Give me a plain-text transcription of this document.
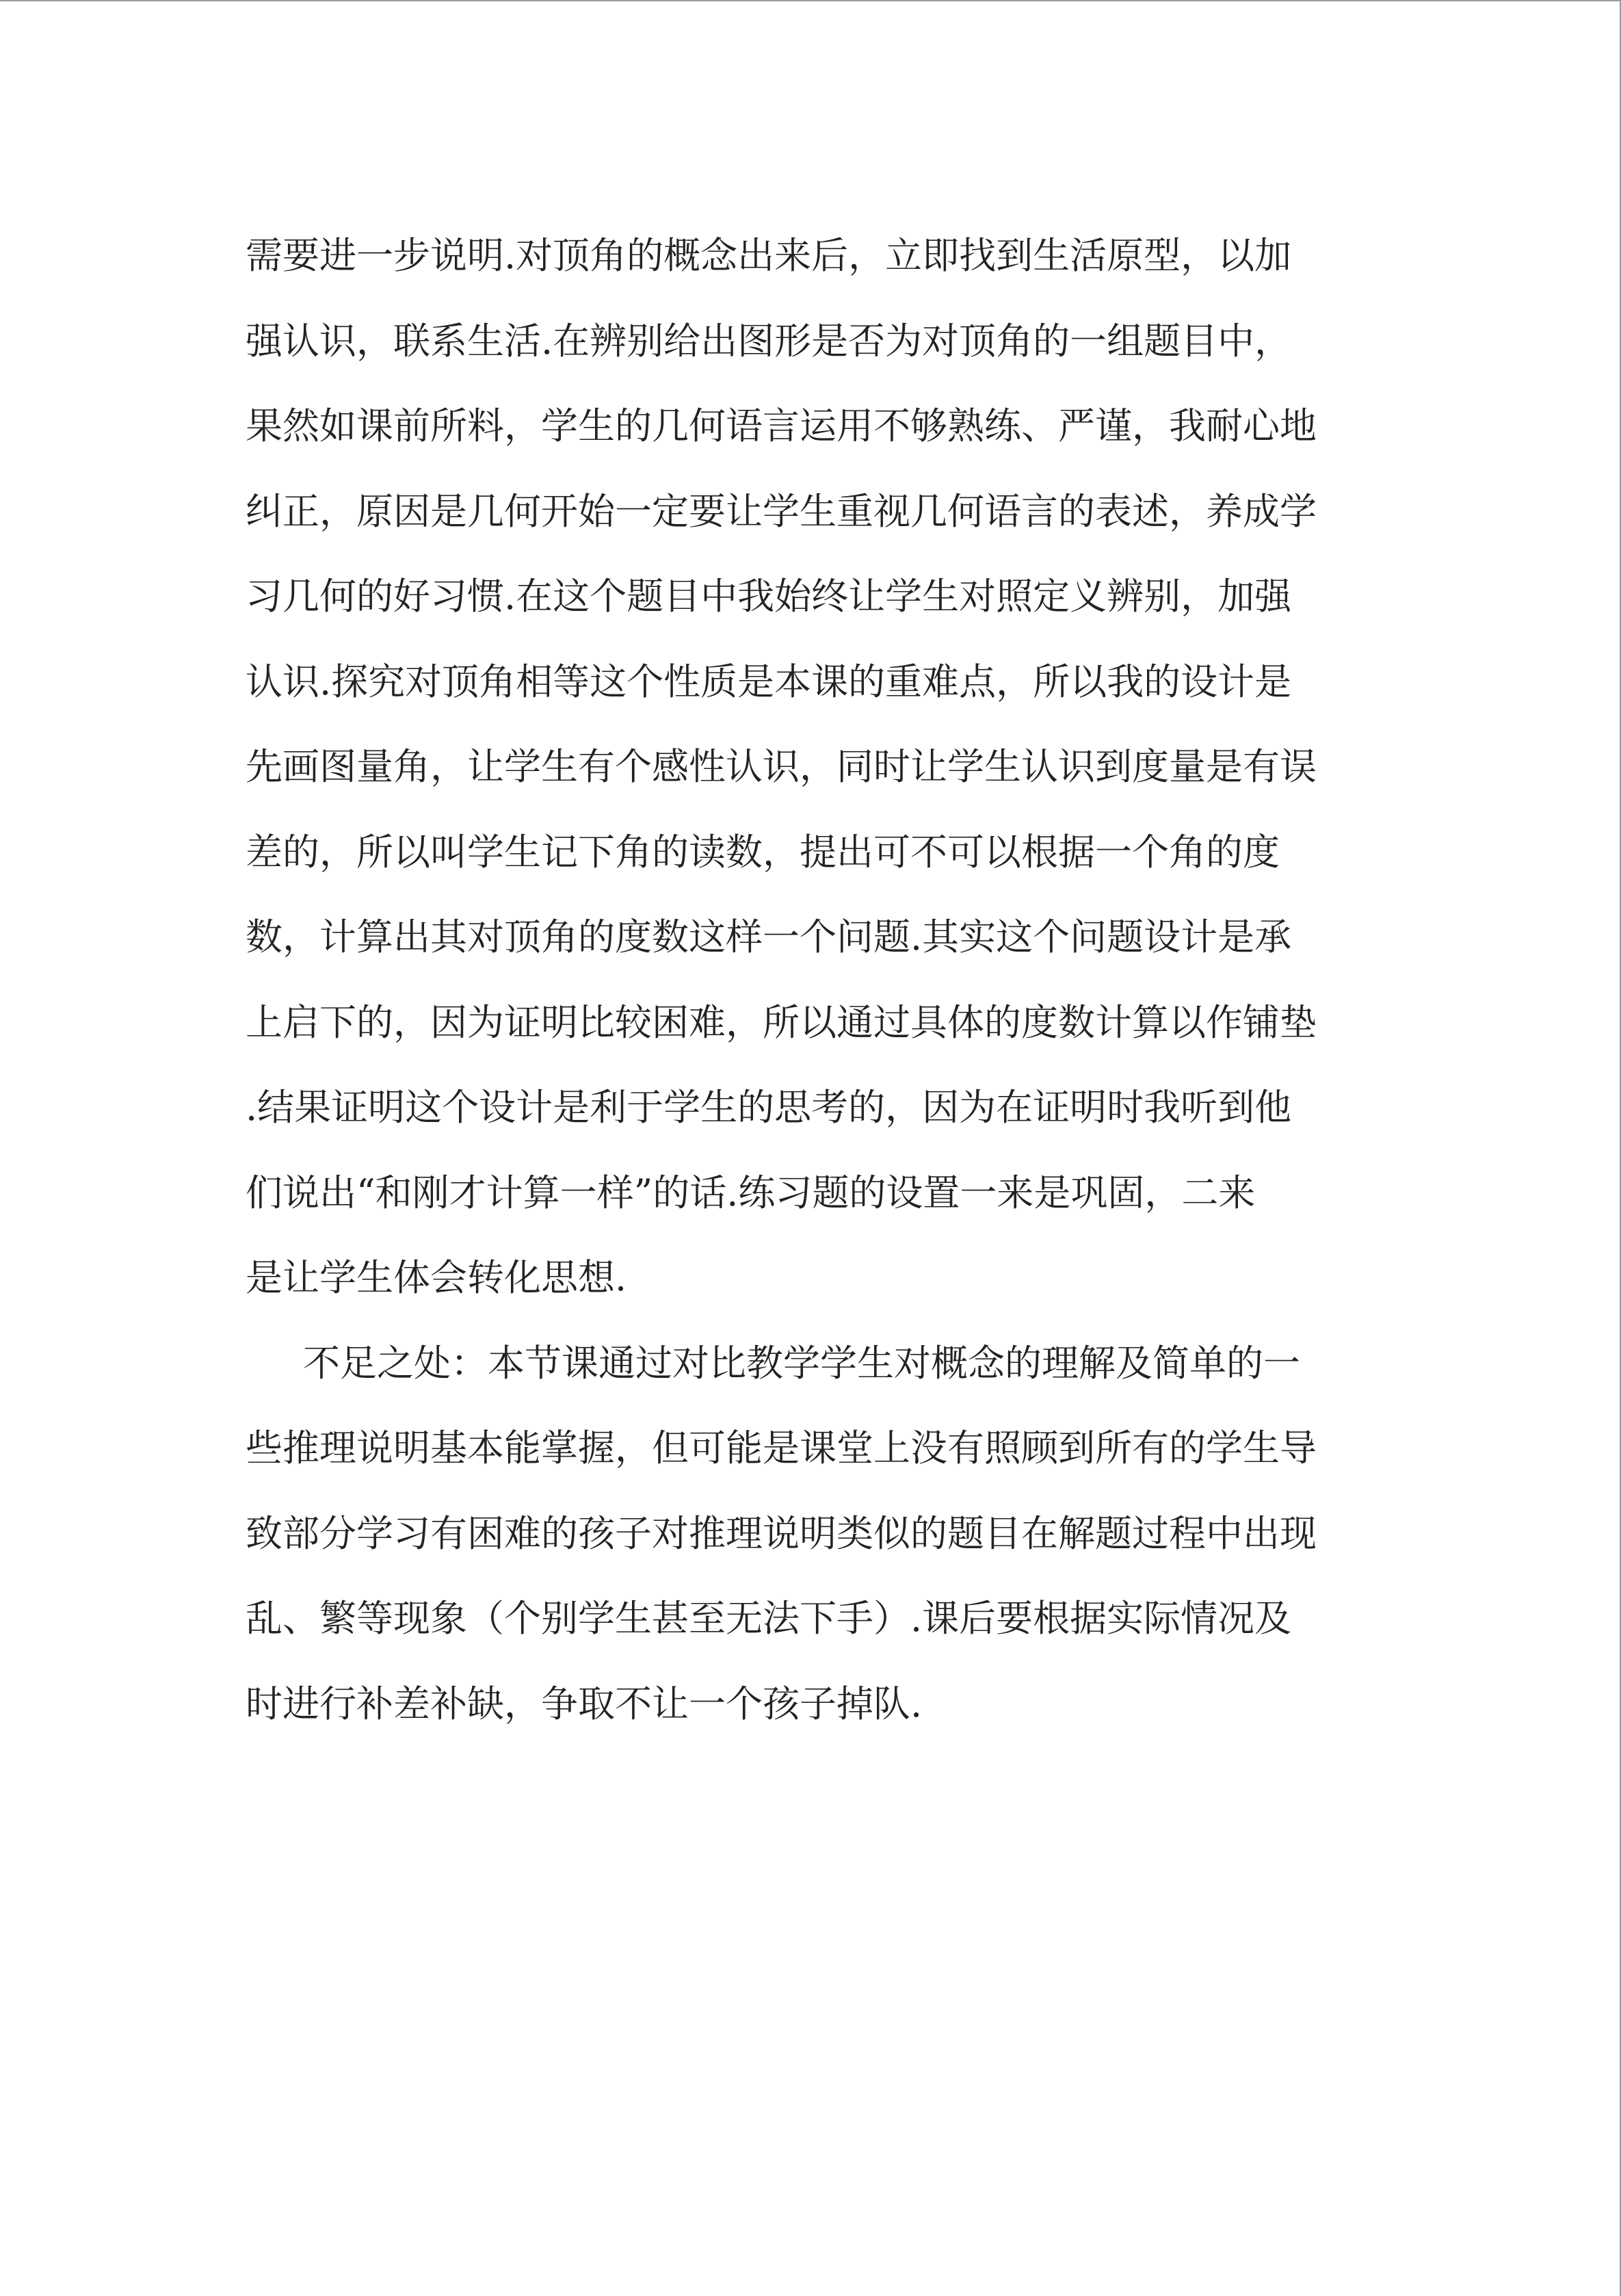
需要进一步说明.对顶角的概念出来后，立即找到生活原型，以加
强认识，联系生活.在辨别给出图形是否为对顶角的一组题目中，
果然如课前所料，学生的几何语言运用不够熟练、严谨，我耐心地
纠正，原因是几何开始一定要让学生重视几何语言的表述，养成学
习几何的好习惯.在这个题目中我始终让学生对照定义辨别，加强
认识.探究对顶角相等这个性质是本课的重难点，所以我的设计是
先画图量角，让学生有个感性认识，同时让学生认识到度量是有误
差的，所以叫学生记下角的读数，提出可不可以根据一个角的度
数，计算出其对顶角的度数这样一个问题.其实这个问题设计是承
上启下的，因为证明比较困难，所以通过具体的度数计算以作铺垫
.结果证明这个设计是利于学生的思考的，因为在证明时我听到他
们说出“和刚才计算一样”的话.练习题的设置一来是巩固，二来
是让学生体会转化思想.
不足之处：本节课通过对比教学学生对概念的理解及简单的一
些推理说明基本能掌握，但可能是课堂上没有照顾到所有的学生导
致部分学习有困难的孩子对推理说明类似的题目在解题过程中出现
乱、繁等现象（个别学生甚至无法下手）.课后要根据实际情况及
时进行补差补缺，争取不让一个孩子掉队.
